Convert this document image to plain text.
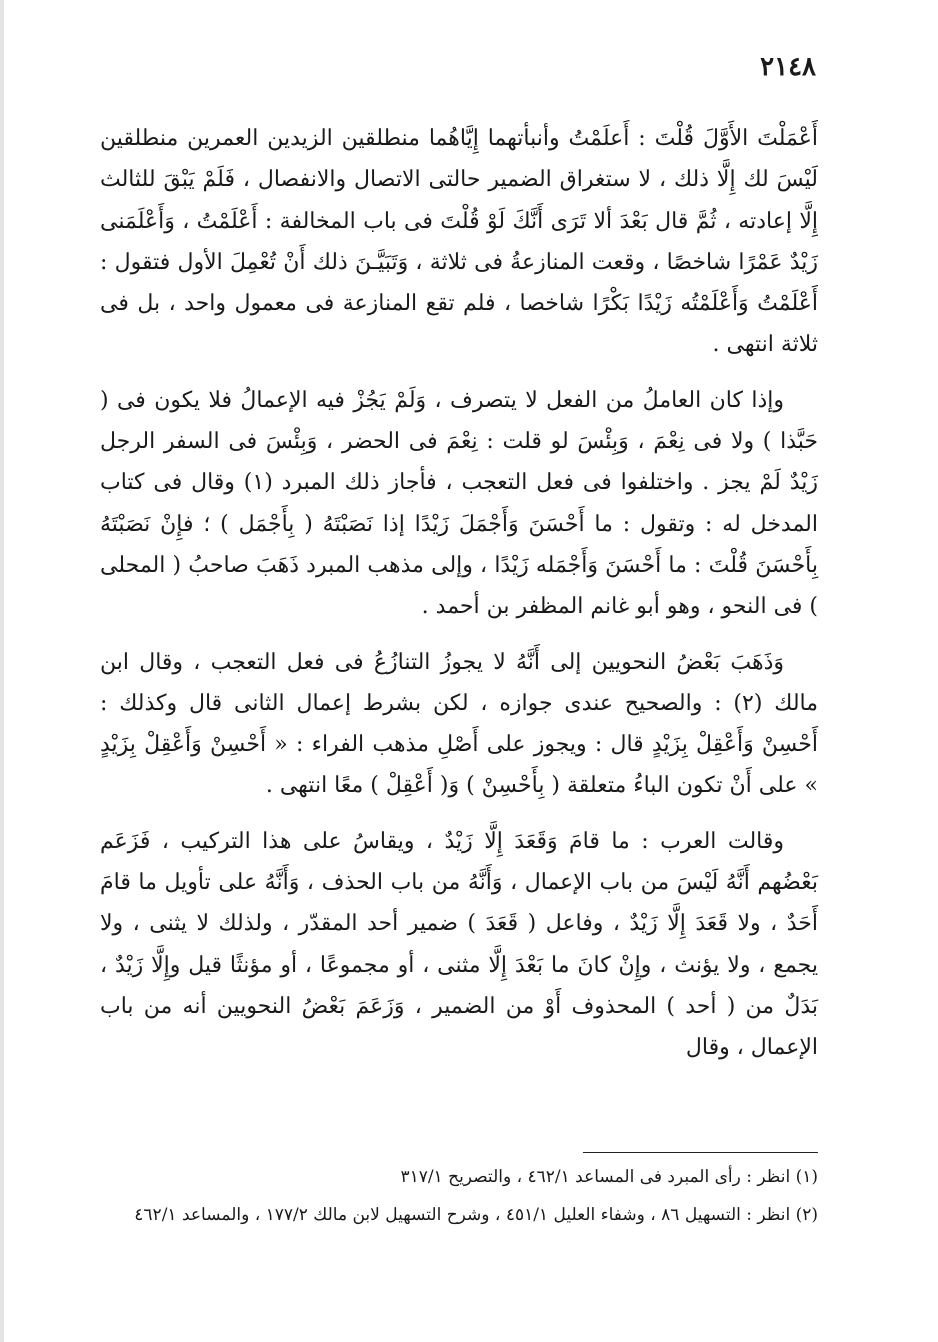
٢١٤٨

أَعْمَلْتَ الأَوَّلَ قُلْتَ : أَعلَمْتُ وأنبأتهما إِيَّاهُما منطلقين الزيدين العمرين منطلقين لَيْسَ لك إِلَّا ذلك ، لا ستغراق الضمير حالتى الاتصال والانفصال ، فَلَمْ يَبْقَ للثالث إِلَّا إعادته ، ثُمَّ قال بَعْدَ ألا تَرَى أَنَّكَ لَوْ قُلْتَ فى باب المخالفة : أَعْلَمْتُ ، وَأَعْلَمَنى زَيْدٌ عَمْرًا شاخصًا ، وقعت المنازعةُ فى ثلاثة ، وَتَبَيَّـنَ ذلك أَنْ تُعْمِلَ الأول فتقول : أَعْلَمْتُ وَأَعْلَمْتُه زَيْدًا بَكْرًا شاخصا ، فلم تقع المنازعة فى معمول واحد ، بل فى ثلاثة انتهى .

وإذا كان العاملُ من الفعل لا يتصرف ، وَلَمْ يَجُزْ فيه الإعمالُ فلا يكون فى ( حَبَّذا ) ولا فى نِعْمَ ، وَبِئْسَ لو قلت : نِعْمَ فى الحضر ، وَبِئْسَ فى السفر الرجل زَيْدٌ لَمْ يجز . واختلفوا فى فعل التعجب ، فأجاز ذلك المبرد (١) وقال فى كتاب المدخل له : وتقول : ما أَحْسَنَ وَأَجْمَلَ زَيْدًا إذا نَصَبْتَهُ ( بِأَجْمَل ) ؛ فإِنْ نَصَبْتَهُ بِأَحْسَنَ قُلْتَ : ما أَحْسَنَ وَأَجْمَله زَيْدًا ، وإلى مذهب المبرد ذَهَبَ صاحبُ ( المحلى ) فى النحو ، وهو أبو غانم المظفر بن أحمد .

وَذَهَبَ بَعْضُ النحويين إلى أَنَّهُ لا يجوزُ التنازُعُ فى فعل التعجب ، وقال ابن مالك (٢) : والصحيح عندى جوازه ، لكن بشرط إعمال الثانى قال وكذلك : أَحْسِنْ وَأَعْقِلْ بِزَيْدٍ قال : ويجوز على أَصْلِ مذهب الفراء : « أَحْسِنْ وَأَعْقِلْ بِزَيْدٍ » على أَنْ تكون الباءُ متعلقة ( بِأَحْسِنْ ) وَ( أَعْقِلْ ) معًا انتهى .

وقالت العرب : ما قامَ وَقَعَدَ إِلَّا زَيْدٌ ، ويقاسُ على هذا التركيب ، فَزَعَم بَعْضُهم أَنَّهُ لَيْسَ من باب الإعمال ، وَأَنَّهُ من باب الحذف ، وَأَنَّهُ على تأويل ما قامَ أَحَدٌ ، ولا قَعَدَ إِلَّا زَيْدٌ ، وفاعل ( قَعَدَ ) ضمير أحد المقدّر ، ولذلك لا يثنى ، ولا يجمع ، ولا يؤنث ، وإِنْ كانَ ما بَعْدَ إِلَّا مثنى ، أو مجموعًا ، أو مؤنثًا قيل وإِلَّا زَيْدٌ ، بَدَلٌ من ( أحد ) المحذوف أَوْ من الضمير ، وَزَعَمَ بَعْضُ النحويين أنه من باب الإعمال ، وقال

(١) انظر : رأى المبرد فى المساعد ٤٦٢/١ ، والتصريح ٣١٧/١

(٢) انظر : التسهيل ٨٦ ، وشفاء العليل ٤٥١/١ ، وشرح التسهيل لابن مالك ١٧٧/٢ ، والمساعد ٤٦٢/١
